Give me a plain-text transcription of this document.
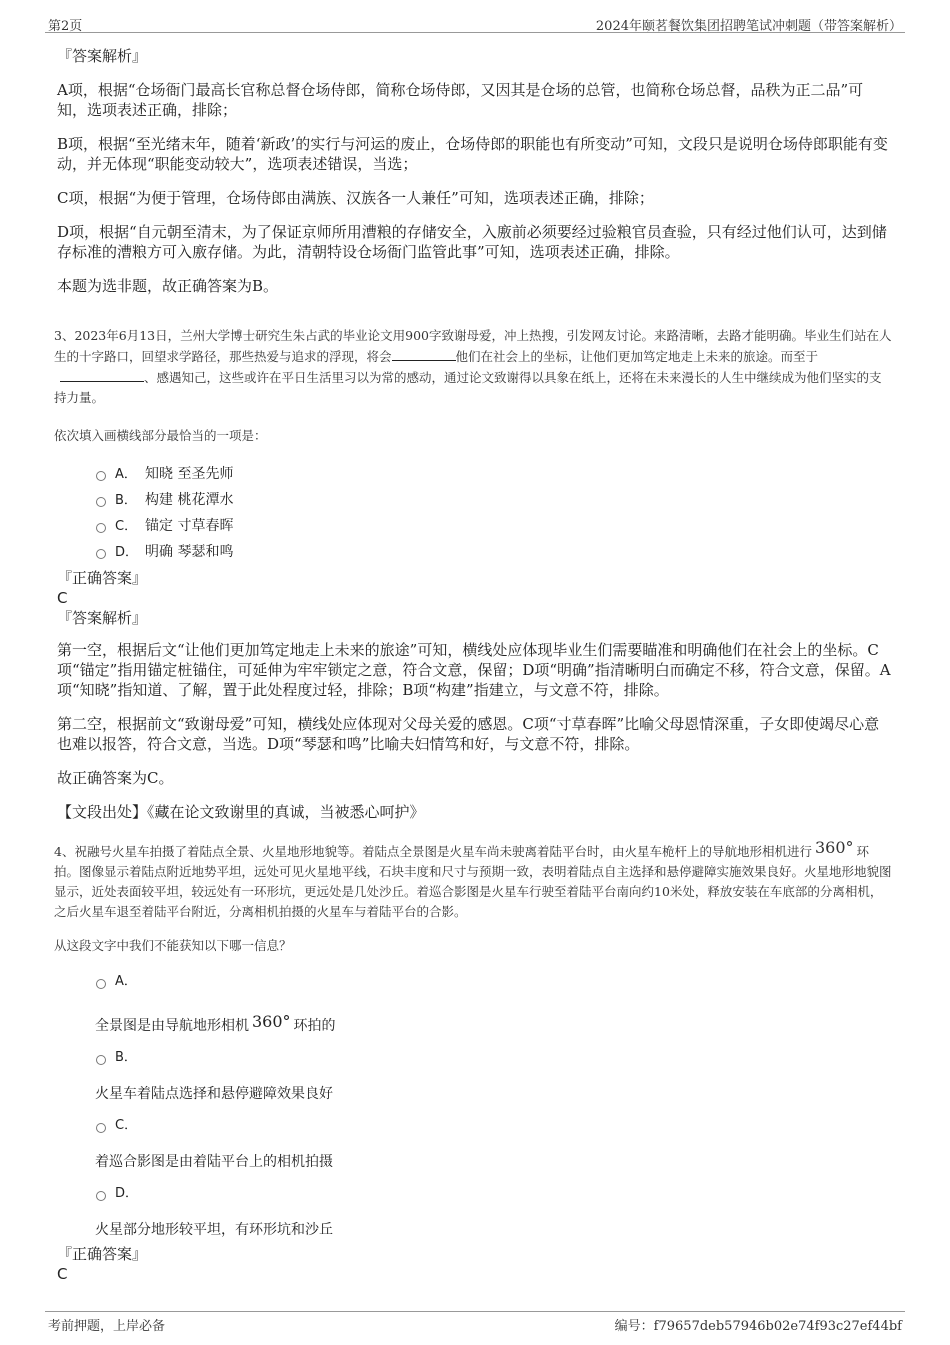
第2页	2024年颐茗餐饮集团招聘笔试冲刺题（带答案解析）

『答案解析』

A项，根据“仓场衙门最高长官称总督仓场侍郎，简称仓场侍郎，又因其是仓场的总管，也简称仓场总督，品秩为正二品”可知，选项表述正确，排除；

B项，根据“至光绪末年，随着‘新政’的实行与河运的废止，仓场侍郎的职能也有所变动”可知，文段只是说明仓场侍郎职能有变动，并无体现“职能变动较大”，选项表述错误，当选；

C项，根据“为便于管理，仓场侍郎由满族、汉族各一人兼任”可知，选项表述正确，排除；

D项，根据“自元朝至清末，为了保证京师所用漕粮的存储安全，入廒前必须要经过验粮官员查验，只有经过他们认可，达到储存标准的漕粮方可入廒存储。为此，清朝特设仓场衙门监管此事”可知，选项表述正确，排除。

本题为选非题，故正确答案为B。

3、2023年6月13日，兰州大学博士研究生朱占武的毕业论文用900字致谢母爱，冲上热搜，引发网友讨论。来路清晰，去路才能明确。毕业生们站在人生的十字路口，回望求学路径，那些热爱与追求的浮现，将会	他们在社会上的坐标，让他们更加笃定地走上未来的旅途。而至于、感遇知己，这些或许在平日生活里习以为常的感动，通过论文致谢得以具象在纸上，还将在未来漫长的人生中继续成为他们坚实的支持力量。

依次填入画横线部分最恰当的一项是：

A． 知晓 至圣先师
B． 构建 桃花潭水
C． 锚定 寸草春晖
D． 明确 琴瑟和鸣

『正确答案』

C

『答案解析』

第一空，根据后文“让他们更加笃定地走上未来的旅途”可知，横线处应体现毕业生们需要瞄准和明确他们在社会上的坐标。C项“锚定”指用锚定桩锚住，可延伸为牢牢锁定之意，符合文意，保留；D项“明确”指清晰明白而确定不移，符合文意，保留。A项“知晓”指知道、了解，置于此处程度过轻，排除；B项“构建”指建立，与文意不符，排除。

第二空，根据前文“致谢母爱”可知，横线处应体现对父母关爱的感恩。C项“寸草春晖”比喻父母恩情深重，子女即使竭尽心意也难以报答，符合文意，当选。D项“琴瑟和鸣”比喻夫妇情笃和好，与文意不符，排除。

故正确答案为C。

【文段出处】《藏在论文致谢里的真诚，当被悉心呵护》

4、祝融号火星车拍摄了着陆点全景、火星地形地貌等。着陆点全景图是火星车尚未驶离着陆平台时，由火星车桅杆上的导航地形相机进行 360° 环拍。图像显示着陆点附近地势平坦，远处可见火星地平线，石块丰度和尺寸与预期一致，表明着陆点自主选择和悬停避障实施效果良好。火星地形地貌图显示，近处表面较平坦，较远处有一环形坑，更远处是几处沙丘。着巡合影图是火星车行驶至着陆平台南向约10米处，释放安装在车底部的分离相机，之后火星车退至着陆平台附近，分离相机拍摄的火星车与着陆平台的合影。

从这段文字中我们不能获知以下哪一信息？

A．

全景图是由导航地形相机 360° 环拍的

B．

火星车着陆点选择和悬停避障效果良好

C．

着巡合影图是由着陆平台上的相机拍摄

D．

火星部分地形较平坦，有环形坑和沙丘

『正确答案』

C

考前押题，上岸必备	编号：f79657deb57946b02e74f93c27ef44bf
